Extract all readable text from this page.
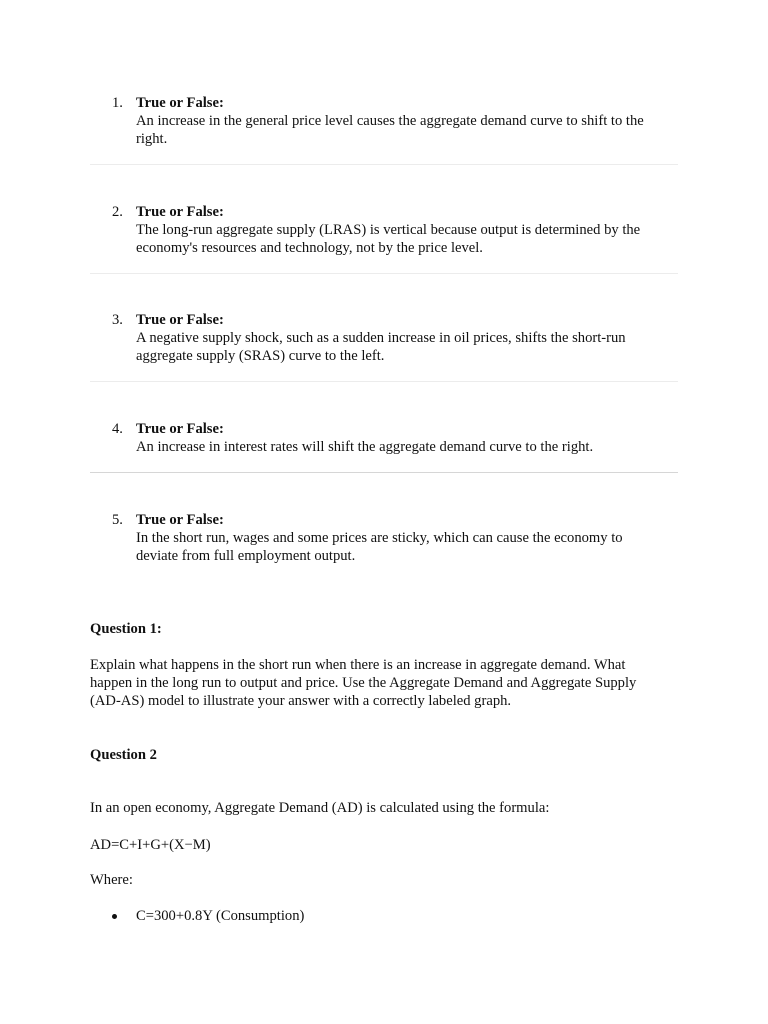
1. True or False:
An increase in the general price level causes the aggregate demand curve to shift to the right.
2. True or False:
The long-run aggregate supply (LRAS) is vertical because output is determined by the economy's resources and technology, not by the price level.
3. True or False:
A negative supply shock, such as a sudden increase in oil prices, shifts the short-run aggregate supply (SRAS) curve to the left.
4. True or False:
An increase in interest rates will shift the aggregate demand curve to the right.
5. True or False:
In the short run, wages and some prices are sticky, which can cause the economy to deviate from full employment output.
Question 1:
Explain what happens in the short run when there is an increase in aggregate demand. What happen in the long run to output and price. Use the Aggregate Demand and Aggregate Supply (AD-AS) model to illustrate your answer with a correctly labeled graph.
Question 2
In an open economy, Aggregate Demand (AD) is calculated using the formula:
AD=C+I+G+(X−M)
Where:
C=300+0.8Y (Consumption)
